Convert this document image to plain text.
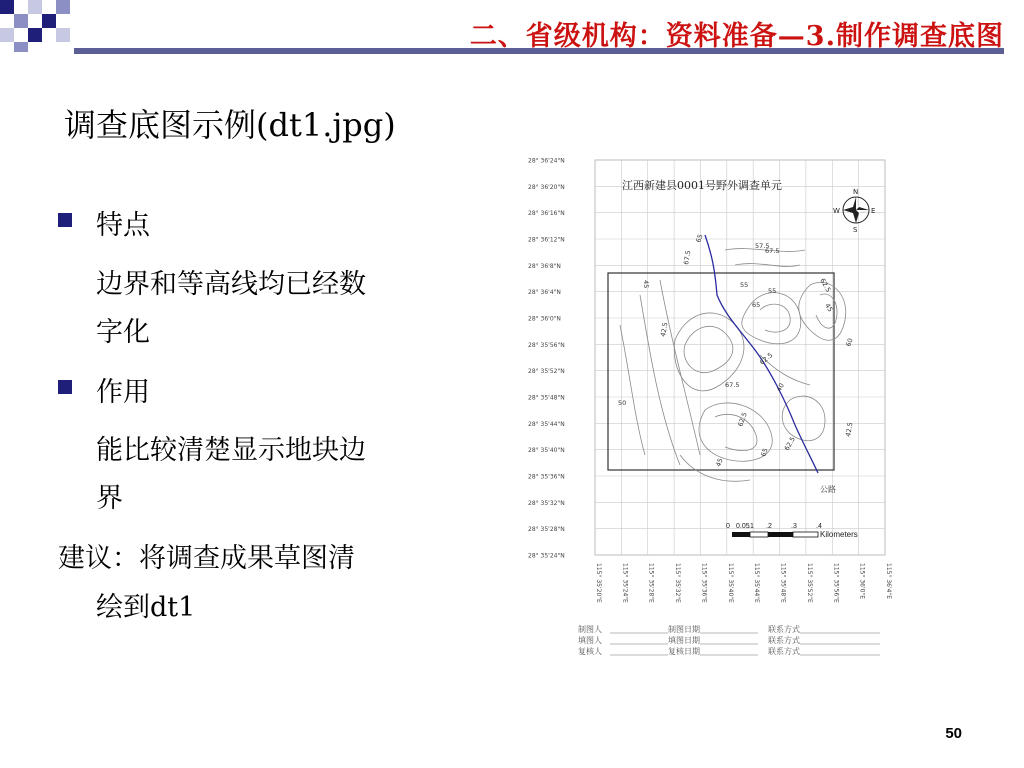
二、省级机构：资料准备—3.制作调查底图
调查底图示例(dt1.jpg)
特点
边界和等高线均已经数
字化
作用
能比较清楚显示地块边
界
建议：将调查成果草图清
绘到dt1
28° 36'24"N
28° 36'20"N
28° 36'16"N
28° 36'12"N
28° 36'8"N
28° 36'4"N
28° 36'0"N
28° 35'56"N
28° 35'52"N
28° 35'48"N
28° 35'44"N
28° 35'40"N
28° 35'36"N
28° 35'32"N
28° 35'28"N
28° 35'24"N
115° 35'20"E	115° 35'24"E	115° 35'28"E	115° 35'32"E	115° 35'36"E	115° 35'40"E	115° 35'44"E	115° 35'48"E	115° 35'52"E	115° 35'56"E	115° 36'0"E	115° 36'4"E
公路
65
67.5
57.5
67.5
45	55
55
65
42.5
62.5
45
60
62.5
67.5	40
50
42.5
62.5
65
62.5
45
江西新建县0001号野外调查单元	N
E
S
W
0 0.05
.1 .2	.3	.4
Kilometers
制图人	制图日期	联系方式
填图人	填图日期	联系方式
复核人	复核日期	联系方式
50
